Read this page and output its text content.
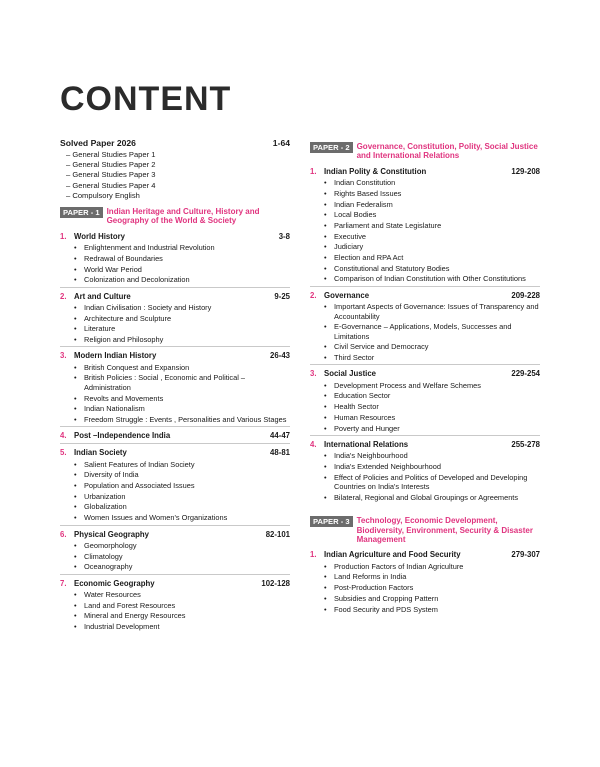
CONTENT
Solved Paper 2026	1-64
– General Studies Paper 1
– General Studies Paper 2
– General Studies Paper 3
– General Studies Paper 4
– Compulsory English
PAPER - 1 Indian Heritage and Culture, History and Geography of the World & Society
1. World History	3-8
• Enlightenment and Industrial Revolution
• Redrawal of Boundaries
• World War Period
• Colonization and Decolonization
2. Art and Culture	9-25
• Indian Civilisation : Society and History
• Architecture and Sculpture
• Literature
• Religion and Philosophy
3. Modern Indian History	26-43
• British Conquest and Expansion
• British Policies : Social , Economic and Political – Administration
• Revolts and Movements
• Indian Nationalism
• Freedom Struggle : Events , Personalities and Various Stages
4. Post –Independence India	44-47
5. Indian Society	48-81
• Salient Features of Indian Society
• Diversity of India
• Population and Associated Issues
• Urbanization
• Globalization
• Women Issues and Women's Organizations
6. Physical Geography	82-101
• Geomorphology
• Climatology
• Oceanography
7. Economic Geography	102-128
• Water Resources
• Land and Forest Resources
• Mineral and Energy Resources
• Industrial Development
PAPER - 2 Governance, Constitution, Polity, Social Justice and International Relations
1. Indian Polity & Constitution	129-208
• Indian Constitution
• Rights Based Issues
• Indian Federalism
• Local Bodies
• Parliament and State Legislature
• Executive
• Judiciary
• Election and RPA Act
• Constitutional and Statutory Bodies
• Comparison of Indian Constitution with Other Constitutions
2. Governance	209-228
• Important Aspects of Governance: Issues of Transparency and Accountability
• E-Governance – Applications, Models, Successes and Limitations
• Civil Service and Democracy
• Third Sector
3. Social Justice	229-254
• Development Process and Welfare Schemes
• Education Sector
• Health Sector
• Human Resources
• Poverty and Hunger
4. International Relations	255-278
• India's Neighbourhood
• India's Extended Neighbourhood
• Effect of Policies and Politics of Developed and Developing Countries on India's Interests
• Bilateral, Regional and Global Groupings or Agreements
PAPER - 3 Technology, Economic Development, Biodiversity, Environment, Security & Disaster Management
1. Indian Agriculture and Food Security	279-307
• Production Factors of Indian Agriculture
• Land Reforms in India
• Post-Production Factors
• Subsidies and Cropping Pattern
• Food Security and PDS System
